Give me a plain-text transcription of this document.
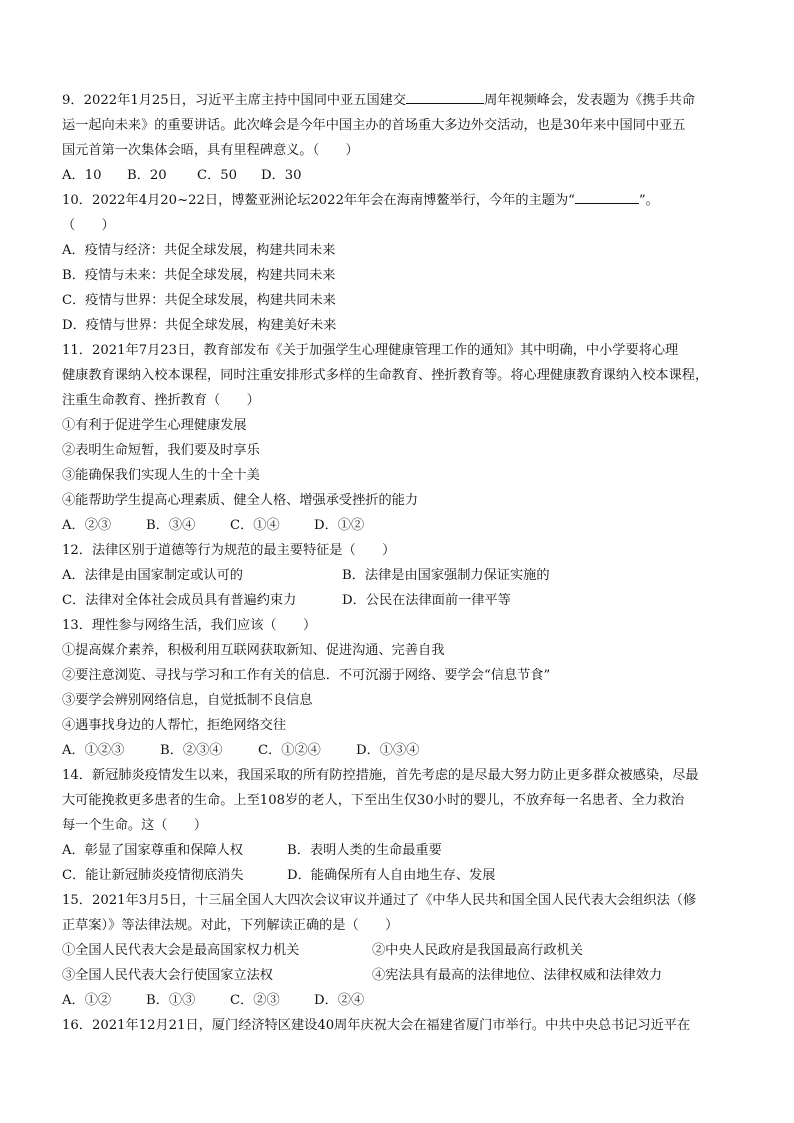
9．2022年1月25日，习近平主席主持中国同中亚五国建交	周年视频峰会，发表题为《携手共命
运一起向未来》的重要讲话。此次峰会是今年中国主办的首场重大多边外交活动，也是30年来中国同中亚五
国元首第一次集体会晤，具有里程碑意义。（　　）
A．10	B．20	C．50	D．30
10．2022年4月20~22日，博鳌亚洲论坛2022年年会在海南博鳌举行，今年的主题为“	”。
（　　）
A．疫情与经济：共促全球发展，构建共同未来
B．疫情与未来：共促全球发展，构建共同未来
C．疫情与世界：共促全球发展，构建共同未来
D．疫情与世界：共促全球发展，构建美好未来
11．2021年7月23日，教育部发布《关于加强学生心理健康管理工作的通知》其中明确，中小学要将心理
健康教育课纳入校本课程，同时注重安排形式多样的生命教育、挫折教育等。将心理健康教育课纳入校本课程，
注重生命教育、挫折教育（　　）
①有利于促进学生心理健康发展
②表明生命短暂，我们要及时享乐
③能确保我们实现人生的十全十美
④能帮助学生提高心理素质、健全人格、增强承受挫折的能力
A．②③	B．③④	C．①④	D．①②
12．法律区别于道德等行为规范的最主要特征是（　　）
A．法律是由国家制定或认可的	B．法律是由国家强制力保证实施的
C．法律对全体社会成员具有普遍约束力	D．公民在法律面前一律平等
13．理性参与网络生活，我们应该（　　）
①提高媒介素养，积极利用互联网获取新知、促进沟通、完善自我
②要注意浏览、寻找与学习和工作有关的信息．不可沉溺于网络、要学会“信息节食”
③要学会辨别网络信息，自觉抵制不良信息
④遇事找身边的人帮忙，拒绝网络交往
A．①②③	B．②③④	C．①②④	D．①③④
14．新冠肺炎疫情发生以来，我国采取的所有防控措施，首先考虑的是尽最大努力防止更多群众被感染，尽最
大可能挽救更多患者的生命。上至108岁的老人，下至出生仅30小时的婴儿，不放弃每一名患者、全力救治
每一个生命。这（　　）
A．彰显了国家尊重和保障人权	B．表明人类的生命最重要
C．能让新冠肺炎疫情彻底消失	D．能确保所有人自由地生存、发展
15．2021年3月5日，十三届全国人大四次会议审议并通过了《中华人民共和国全国人民代表大会组织法（修
正草案）》等法律法规。对此，下列解读正确的是（　　）
①全国人民代表大会是最高国家权力机关	②中央人民政府是我国最高行政机关
③全国人民代表大会行使国家立法权	④宪法具有最高的法律地位、法律权威和法律效力
A．①②	B．①③	C．②③	D．②④
16．2021年12月21日，厦门经济特区建设40周年庆祝大会在福建省厦门市举行。中共中央总书记习近平在
